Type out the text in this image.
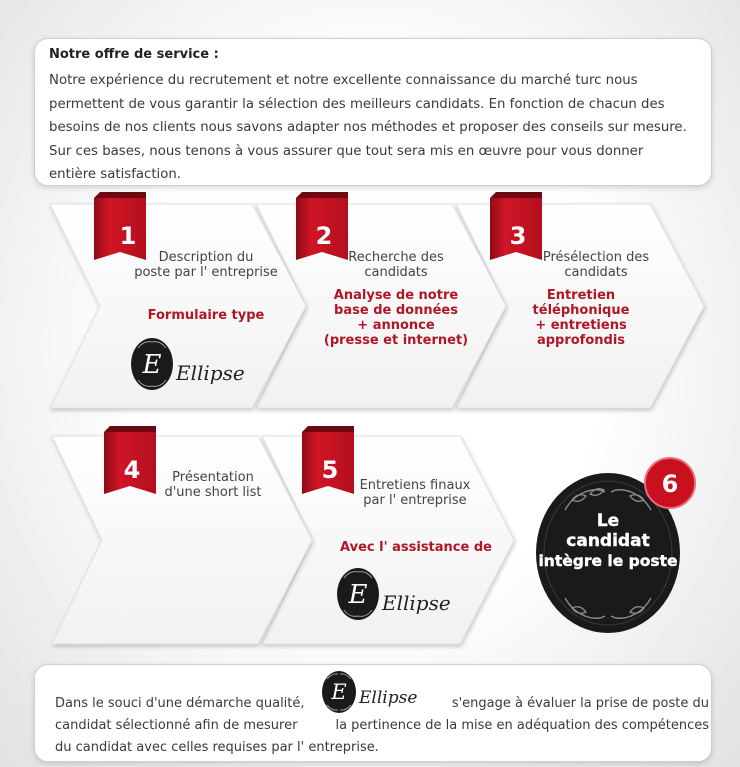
Notre offre de service :
Notre expérience du recrutement et notre excellente connaissance du marché turc nous
permettent de vous garantir la sélection des meilleurs candidats. En fonction de chacun des
besoins de nos clients nous savons adapter nos méthodes et proposer des conseils sur mesure.
Sur ces bases, nous tenons à vous assurer que tout sera mis en œuvre pour vous donner
entière satisfaction.
1	2	3
4	5
Le
candidat
intègre le poste
6
Description du
poste par l' entreprise
Formulaire type
Recherche des
candidats
Analyse de notre
base de données
+ annonce
(presse et internet)
Présélection des
candidats
Entretien
téléphonique
+ entretiens
approfondis
Présentation
d'une short list	Entretiens finaux
par l' entreprise
Avec l' assistance de
E Ellipse
E Ellipse
Dans le souci d'une démarche qualité,
candidat sélectionné afin de mesurer
s'engage à évaluer la prise de poste du
la pertinence de la mise en adéquation des compétences
du candidat avec celles requises par l' entreprise.
E Ellipse
